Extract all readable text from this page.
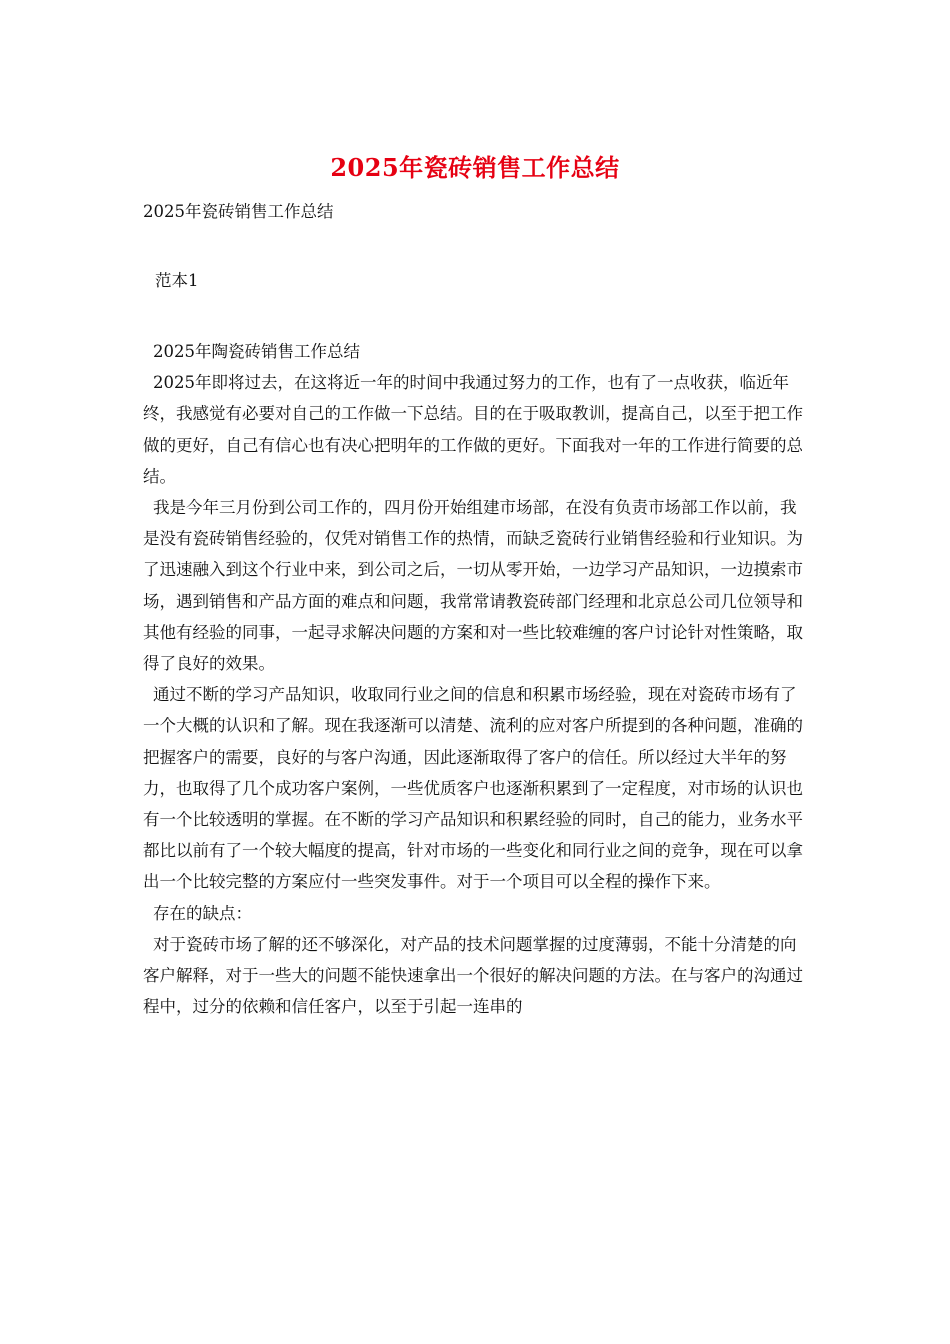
2025年瓷砖销售工作总结
2025年瓷砖销售工作总结
范本1

2025年陶瓷砖销售工作总结

2025年即将过去，在这将近一年的时间中我通过努力的工作，也有了一点收获，临近年终，我感觉有必要对自己的工作做一下总结。目的在于吸取教训，提高自己，以至于把工作做的更好，自己有信心也有决心把明年的工作做的更好。下面我对一年的工作进行简要的总结。

我是今年三月份到公司工作的，四月份开始组建市场部，在没有负责市场部工作以前，我是没有瓷砖销售经验的，仅凭对销售工作的热情，而缺乏瓷砖行业销售经验和行业知识。为了迅速融入到这个行业中来，到公司之后，一切从零开始，一边学习产品知识，一边摸索市场，遇到销售和产品方面的难点和问题，我常常请教瓷砖部门经理和北京总公司几位领导和其他有经验的同事，一起寻求解决问题的方案和对一些比较难缠的客户讨论针对性策略，取得了良好的效果。

通过不断的学习产品知识，收取同行业之间的信息和积累市场经验，现在对瓷砖市场有了一个大概的认识和了解。现在我逐渐可以清楚、流利的应对客户所提到的各种问题，准确的把握客户的需要，良好的与客户沟通，因此逐渐取得了客户的信任。所以经过大半年的努力，也取得了几个成功客户案例，一些优质客户也逐渐积累到了一定程度，对市场的认识也有一个比较透明的掌握。在不断的学习产品知识和积累经验的同时，自己的能力，业务水平都比以前有了一个较大幅度的提高，针对市场的一些变化和同行业之间的竞争，现在可以拿出一个比较完整的方案应付一些突发事件。对于一个项目可以全程的操作下来。

存在的缺点：

对于瓷砖市场了解的还不够深化，对产品的技术问题掌握的过度薄弱，不能十分清楚的向客户解释，对于一些大的问题不能快速拿出一个很好的解决问题的方法。在与客户的沟通过程中，过分的依赖和信任客户，以至于引起一连串的
